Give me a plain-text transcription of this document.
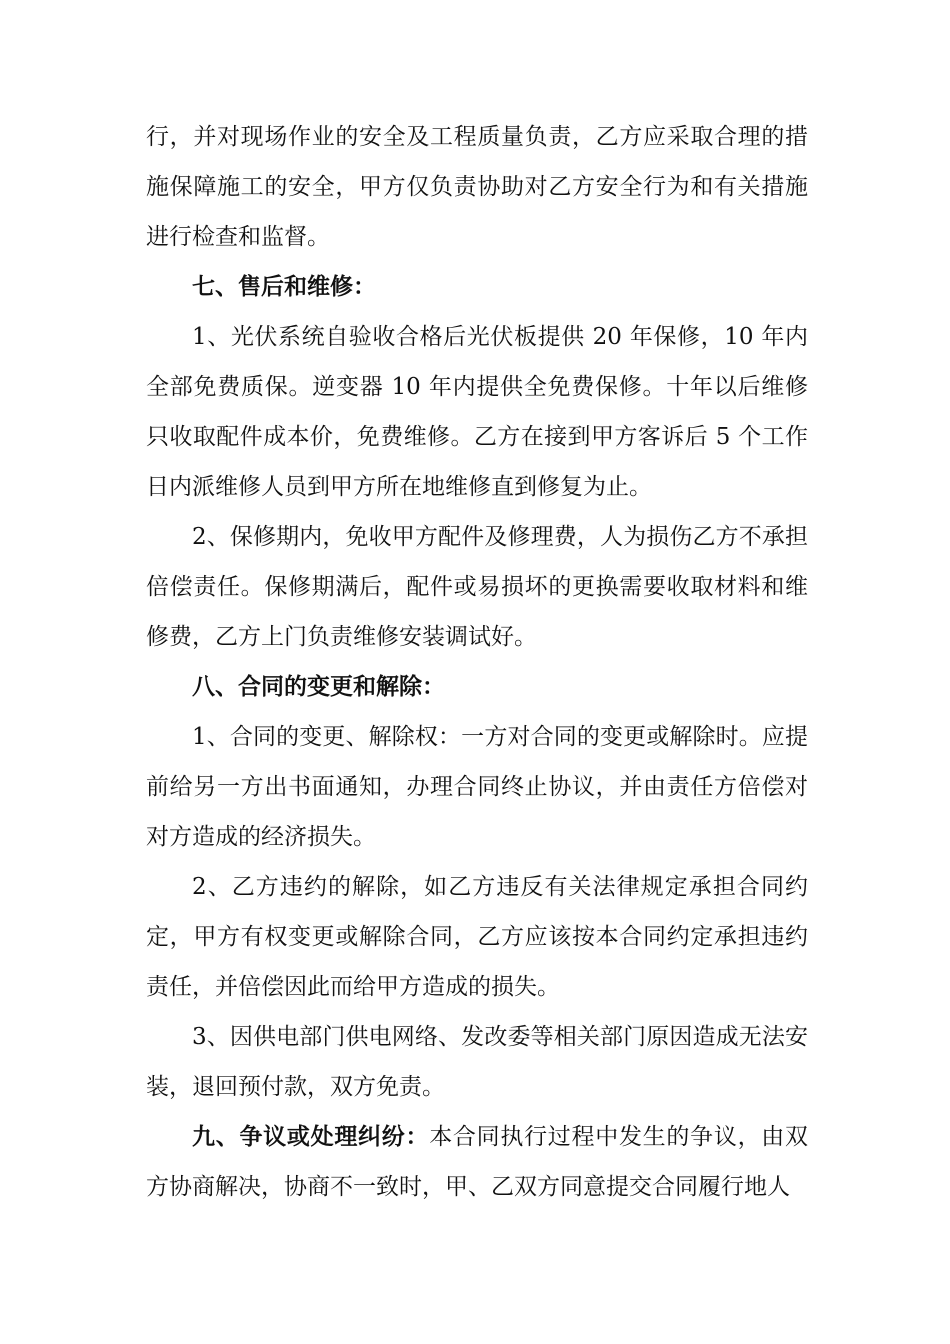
行，并对现场作业的安全及工程质量负责，乙方应采取合理的措施保障施工的安全，甲方仅负责协助对乙方安全行为和有关措施进行检查和监督。

七、售后和维修：

1、光伏系统自验收合格后光伏板提供 20 年保修，10 年内全部免费质保。逆变器 10 年内提供全免费保修。十年以后维修只收取配件成本价，免费维修。乙方在接到甲方客诉后 5 个工作日内派维修人员到甲方所在地维修直到修复为止。

2、保修期内，免收甲方配件及修理费，人为损伤乙方不承担倍偿责任。保修期满后，配件或易损坏的更换需要收取材料和维修费，乙方上门负责维修安装调试好。

八、合同的变更和解除：

1、合同的变更、解除权：一方对合同的变更或解除时。应提前给另一方出书面通知，办理合同终止协议，并由责任方倍偿对对方造成的经济损失。

2、乙方违约的解除，如乙方违反有关法律规定承担合同约定，甲方有权变更或解除合同，乙方应该按本合同约定承担违约责任，并倍偿因此而给甲方造成的损失。

3、因供电部门供电网络、发改委等相关部门原因造成无法安装，退回预付款，双方免责。

九、争议或处理纠纷：本合同执行过程中发生的争议，由双方协商解决，协商不一致时，甲、乙双方同意提交合同履行地人
